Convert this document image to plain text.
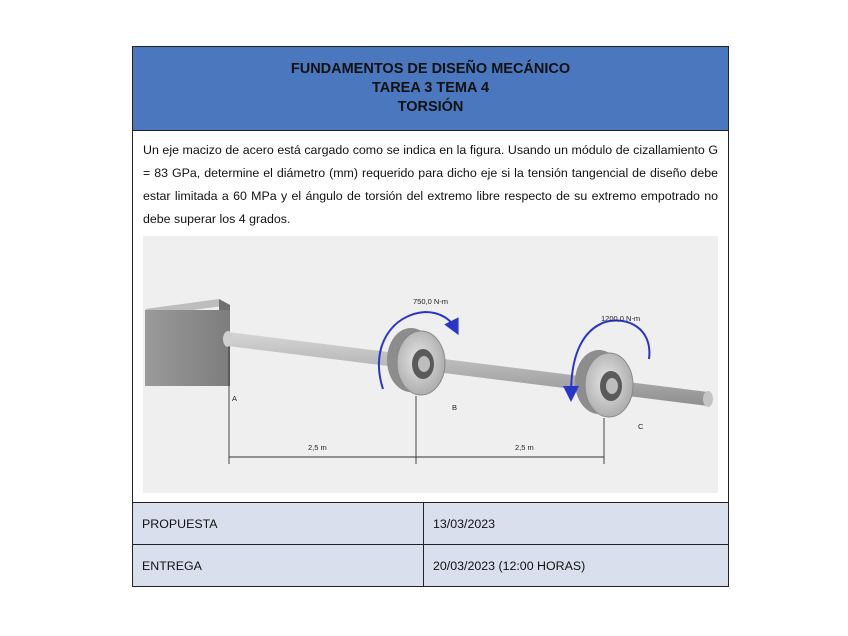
FUNDAMENTOS DE DISEÑO MECÁNICO
TAREA 3 TEMA 4
TORSIÓN
Un eje macizo de acero está cargado como se indica en la figura. Usando un módulo de cizallamiento G = 83 GPa, determine el diámetro (mm) requerido para dicho eje si la tensión tangencial de diseño debe estar limitada a 60 MPa y el ángulo de torsión del extremo libre respecto de su extremo empotrado no debe superar los 4 grados.
750,0 N-m
1200,0 N-m
A
B
C
2,5 m	2,5 m
PROPUESTA	13/03/2023
ENTREGA	20/03/2023 (12:00 HORAS)
